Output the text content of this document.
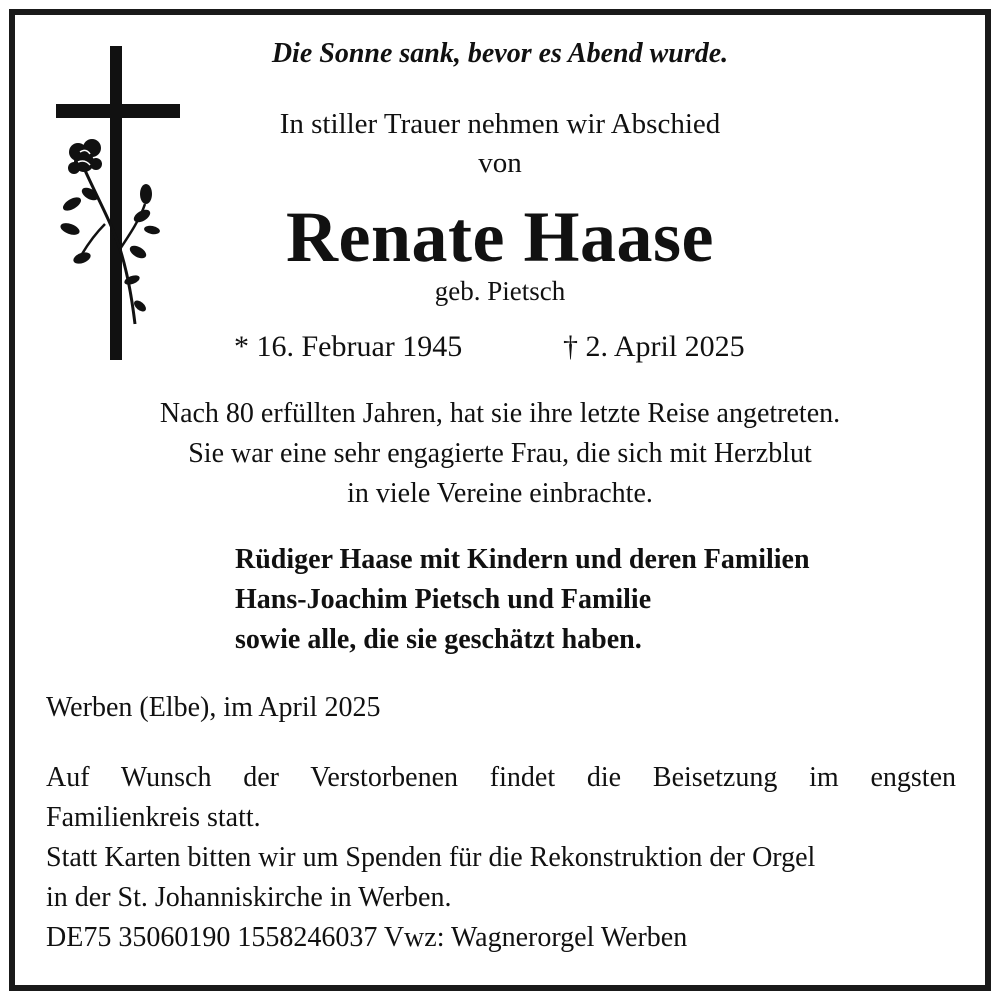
Die Sonne sank, bevor es Abend wurde.
In stiller Trauer nehmen wir Abschied
von
Renate Haase
geb. Pietsch
* 16. Februar 1945	† 2. April 2025
Nach 80 erfüllten Jahren, hat sie ihre letzte Reise angetreten.
Sie war eine sehr engagierte Frau, die sich mit Herzblut
in viele Vereine einbrachte.
Rüdiger Haase mit Kindern und deren Familien
Hans-Joachim Pietsch und Familie
sowie alle, die sie geschätzt haben.
Werben (Elbe), im April 2025
Auf Wunsch der Verstorbenen findet die Beisetzung im engsten
Familienkreis statt.
Statt Karten bitten wir um Spenden für die Rekonstruktion der Orgel
in der St. Johanniskirche in Werben.
DE75 35060190 1558246037 Vwz: Wagnerorgel Werben
